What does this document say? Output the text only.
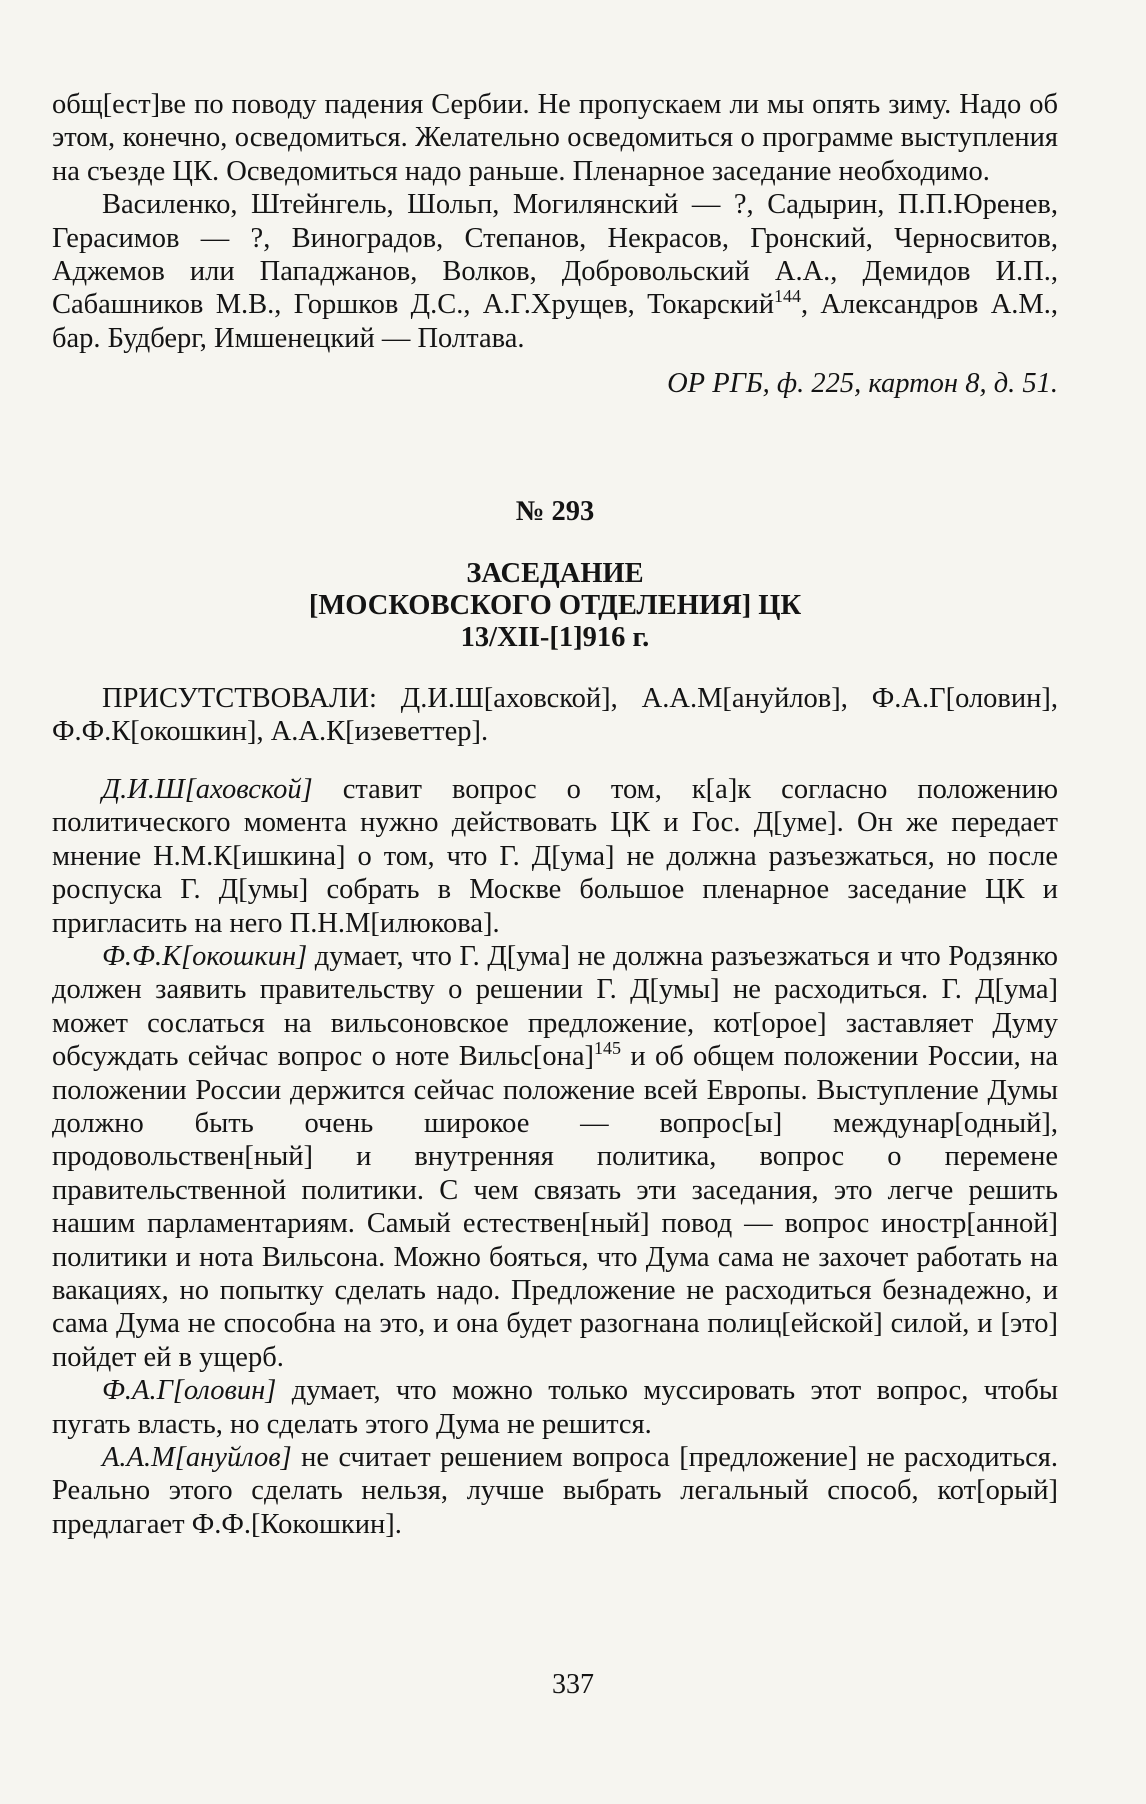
общ[ест]ве по поводу падения Сербии. Не пропускаем ли мы опять зиму. Надо об этом, конечно, осведомиться. Желательно осведомиться о программе выступления на съезде ЦК. Осведомиться надо раньше. Пленарное заседание необходимо.

Василенко, Штейнгель, Шольп, Могилянский — ?, Садырин, П.П.Юренев, Герасимов — ?, Виноградов, Степанов, Некрасов, Гронский, Черносвитов, Аджемов или Пападжанов, Волков, Добровольский А.А., Демидов И.П., Сабашников М.В., Горшков Д.С., А.Г.Хрущев, Токарский$^{144}$, Александров А.М., бар. Будберг, Имшенецкий — Полтава.

ОР РГБ, ф. 225, картон 8, д. 51.

№ 293
ЗАСЕДАНИЕ
[МОСКОВСКОГО ОТДЕЛЕНИЯ] ЦК
13/XII-[1]916 г.

ПРИСУТСТВОВАЛИ: Д.И.Ш[аховской], А.А.М[ануйлов], Ф.А.Г[оловин], Ф.Ф.К[окошкин], А.А.К[изеветтер].

Д.И.Ш[аховской] ставит вопрос о том, к[а]к согласно положению политического момента нужно действовать ЦК и Гос. Д[уме]. Он же передает мнение Н.М.К[ишкина] о том, что Г. Д[ума] не должна разъезжаться, но после роспуска Г. Д[умы] собрать в Москве большое пленарное заседание ЦК и пригласить на него П.Н.М[илюкова].

Ф.Ф.К[окошкин] думает, что Г. Д[ума] не должна разъезжаться и что Родзянко должен заявить правительству о решении Г. Д[умы] не расходиться. Г. Д[ума] может сослаться на вильсоновское предложение, кот[орое] заставляет Думу обсуждать сейчас вопрос о ноте Вильс[она]$^{145}$ и об общем положении России, на положении России держится сейчас положение всей Европы. Выступление Думы должно быть очень широкое — вопрос[ы] междунар[одный], продовольствен[ный] и внутренняя политика, вопрос о перемене правительственной политики. С чем связать эти заседания, это легче решить нашим парламентариям. Самый естествен[ный] повод — вопрос иностр[анной] политики и нота Вильсона. Можно бояться, что Дума сама не захочет работать на вакациях, но попытку сделать надо. Предложение не расходиться безнадежно, и сама Дума не способна на это, и она будет разогнана полиц[ейской] силой, и [это] пойдет ей в ущерб.

Ф.А.Г[оловин] думает, что можно только муссировать этот вопрос, чтобы пугать власть, но сделать этого Дума не решится.

А.А.М[ануйлов] не считает решением вопроса [предложение] не расходиться. Реально этого сделать нельзя, лучше выбрать легальный способ, кот[орый] предлагает Ф.Ф.[Кокошкин].

337
